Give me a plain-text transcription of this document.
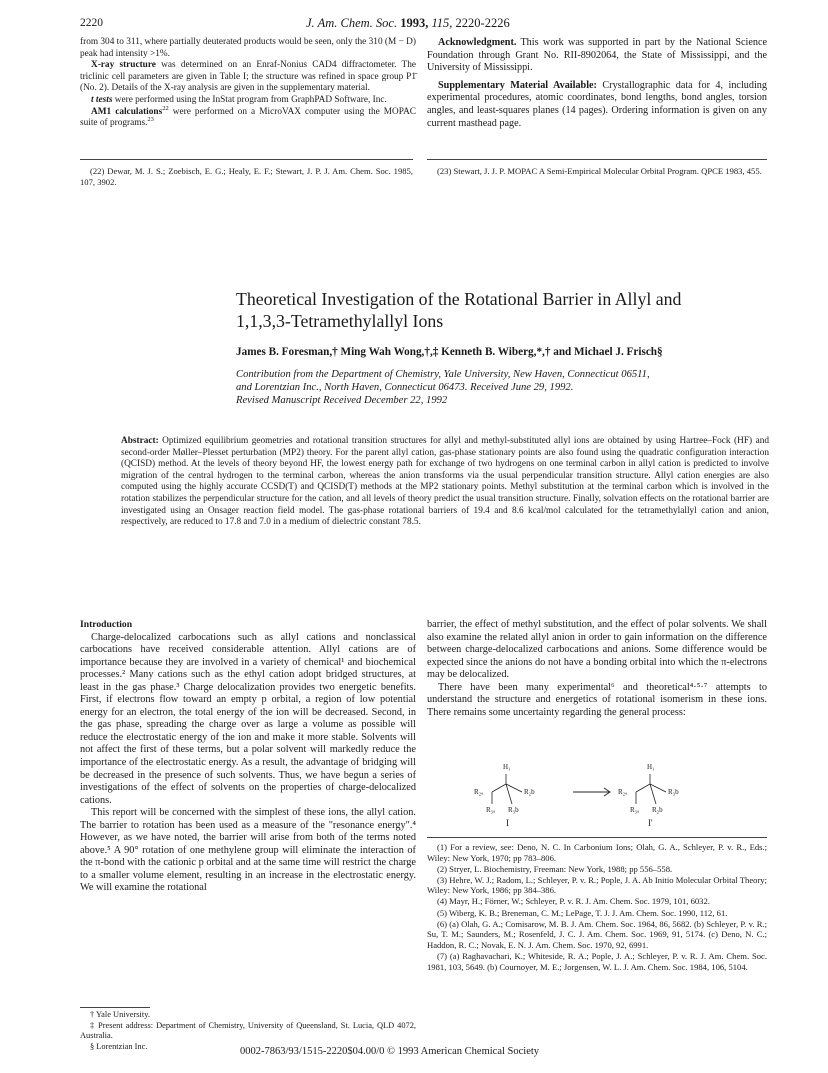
2220	J. Am. Chem. Soc. 1993, 115, 2220-2226

from 304 to 311, where partially deuterated products would be seen, only the 310 (M − D) peak had intensity >1%.

X-ray structure was determined on an Enraf-Nonius CAD4 diffractometer. The triclinic cell parameters are given in Table I; the structure was refined in space group P1̄ (No. 2). Details of the X-ray analysis are given in the supplementary material.

t tests were performed using the InStat program from GraphPAD Software, Inc.

AM1 calculations$^{22}$ were performed on a MicroVAX computer using the MOPAC suite of programs.$^{23}$

Acknowledgment. This work was supported in part by the National Science Foundation through Grant No. RII-8902064, the State of Mississippi, and the University of Mississippi.

Supplementary Material Available: Crystallographic data for 4, including experimental procedures, atomic coordinates, bond lengths, bond angles, torsion angles, and least-squares planes (14 pages). Ordering information is given on any current masthead page.

(22) Dewar, M. J. S.; Zoebisch, E. G.; Healy, E. F.; Stewart, J. P. J. Am. Chem. Soc. 1985, 107, 3902.

(23) Stewart, J. J. P. MOPAC A Semi-Empirical Molecular Orbital Program. QPCE 1983, 455.

Theoretical Investigation of the Rotational Barrier in Allyl and
1,1,3,3-Tetramethylallyl Ions
James B. Foresman,† Ming Wah Wong,†,‡ Kenneth B. Wiberg,*,† and Michael J. Frisch§
Contribution from the Department of Chemistry, Yale University, New Haven, Connecticut 06511,
and Lorentzian Inc., North Haven, Connecticut 06473. Received June 29, 1992.
Revised Manuscript Received December 22, 1992
Abstract: Optimized equilibrium geometries and rotational transition structures for allyl and methyl-substituted allyl ions are obtained by using Hartree–Fock (HF) and second-order Møller–Plesset perturbation (MP2) theory. For the parent allyl cation, gas-phase stationary points are also found using the quadratic configuration interaction (QCISD) method. At the levels of theory beyond HF, the lowest energy path for exchange of two hydrogens on one terminal carbon in allyl cation is predicted to involve migration of the central hydrogen to the terminal carbon, whereas the anion transforms via the usual perpendicular transition structure. Allyl cation energies are also computed using the highly accurate CCSD(T) and QCISD(T) methods at the MP2 stationary points. Methyl substitution at the terminal carbon which is involved in the rotation stabilizes the perpendicular structure for the cation, and all levels of theory predict the usual transition structure. Finally, solvation effects on the rotational barrier are investigated using an Onsager reaction field model. The gas-phase rotational barriers of 19.4 and 8.6 kcal/mol calculated for the tetramethylallyl cation and anion, respectively, are reduced to 17.8 and 7.0 in a medium of dielectric constant 78.5.
Introduction

Charge-delocalized carbocations such as allyl cations and nonclassical carbocations have received considerable attention. Allyl cations are of importance because they are involved in a variety of chemical¹ and biochemical processes.² Many cations such as the ethyl cation adopt bridged structures, at least in the gas phase.³ Charge delocalization provides two energetic benefits. First, if electrons flow toward an empty p orbital, a region of low potential energy for an electron, the total energy of the ion will be decreased. Second, in the gas phase, spreading the charge over as large a volume as possible will reduce the electrostatic energy of the ion and make it more stable. Solvents will not affect the first of these terms, but a polar solvent will markedly reduce the importance of the electrostatic energy. As a result, the advantage of bridging will be decreased in the presence of such solvents. Thus, we have begun a series of investigations of the effect of solvents on the properties of charge-delocalized cations.

This report will be concerned with the simplest of these ions, the allyl cation. The barrier to rotation has been used as a measure of the "resonance energy".⁴ However, as we have noted, the barrier will arise from both of the terms noted above.⁵ A 90° rotation of one methylene group will eliminate the interaction of the π-bond with the cationic p orbital and at the same time will restrict the charge to a smaller volume element, resulting in an increase in the electrostatic energy. We will examine the rotational

† Yale University.

‡ Present address: Department of Chemistry, University of Queensland, St. Lucia, QLD 4072, Australia.

§ Lorentzian Inc.

barrier, the effect of methyl substitution, and the effect of polar solvents. We shall also examine the related allyl anion in order to gain information on the difference between charge-delocalized carbocations and anions. Some difference would be expected since the anions do not have a bonding orbital into which the π-electrons may be delocalized.

There have been many experimental⁶ and theoretical⁴·⁵·⁷ attempts to understand the structure and energetics of rotational isomerism in these ions. There remains some uncertainty regarding the general process:

H₁
R₂ₐ	R₂b
R₃ₐ R₃b
I
H₁
R₂ₐ	R₃b
R₃ₐ R₂b
I'

(1) For a review, see: Deno, N. C. In Carbonium Ions; Olah, G. A., Schleyer, P. v. R., Eds.; Wiley: New York, 1970; pp 783–806.

(2) Stryer, L. Biochemistry, Freeman: New York, 1988; pp 556–558.

(3) Hehre, W. J.; Radom, L.; Schleyer, P. v. R.; Pople, J. A. Ab Initio Molecular Orbital Theory; Wiley: New York, 1986; pp 384–386.

(4) Mayr, H.; Förner, W.; Schleyer, P. v. R. J. Am. Chem. Soc. 1979, 101, 6032.

(5) Wiberg, K. B.; Breneman, C. M.; LePage, T. J. J. Am. Chem. Soc. 1990, 112, 61.

(6) (a) Olah, G. A.; Comisarow, M. B. J. Am. Chem. Soc. 1964, 86, 5682. (b) Schleyer, P. v. R.; Su, T. M.; Saunders, M.; Rosenfeld, J. C. J. Am. Chem. Soc. 1969, 91, 5174. (c) Deno, N. C.; Haddon, R. C.; Novak, E. N. J. Am. Chem. Soc. 1970, 92, 6991.

(7) (a) Raghavachari, K.; Whiteside, R. A.; Pople, J. A.; Schleyer, P. v. R. J. Am. Chem. Soc. 1981, 103, 5649. (b) Cournoyer, M. E.; Jorgensen, W. L. J. Am. Chem. Soc. 1984, 106, 5104.

0002-7863/93/1515-2220$04.00/0 © 1993 American Chemical Society
